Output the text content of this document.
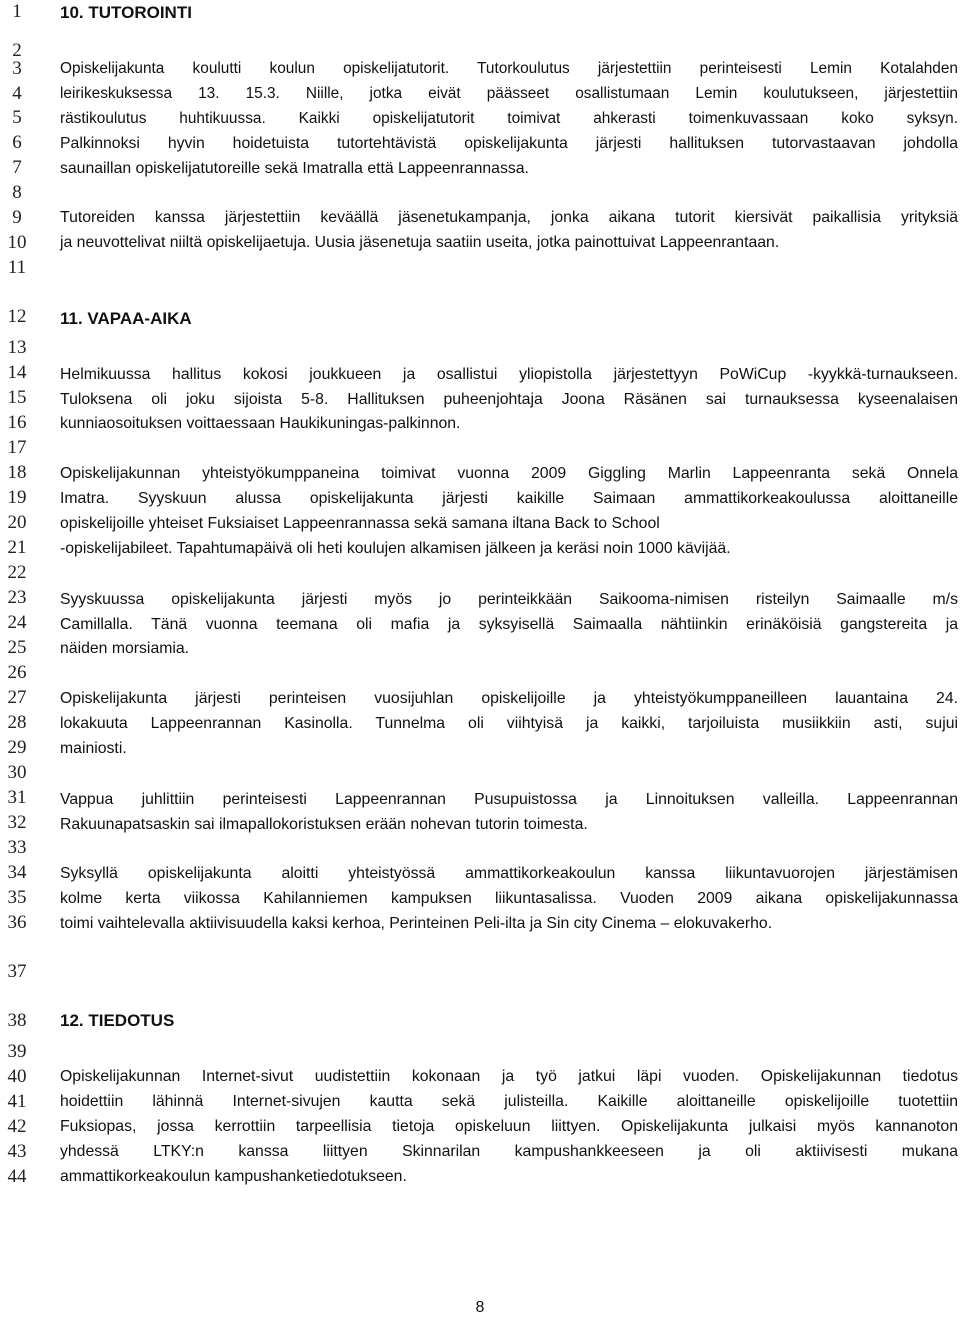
1
2
3
4
5
6
7
8
9
10
11
12
13
14
15
16
17
18
19
20
21
22
23
24
25
26
27
28
29
30
31
32
33
34
35
36
37
38
39
40
41
42
43
44
10. TUTOROINTI
Opiskelijakunta koulutti koulun opiskelijatutorit. Tutorkoulutus järjestettiin perinteisesti Lemin Kotalahden
leirikeskuksessa 13. 15.3. Niille, jotka eivät päässeet osallistumaan Lemin koulutukseen, järjestettiin
rästikoulutus huhtikuussa. Kaikki opiskelijatutorit toimivat ahkerasti toimenkuvassaan koko syksyn.
Palkinnoksi hyvin hoidetuista tutortehtävistä opiskelijakunta järjesti hallituksen tutorvastaavan johdolla
saunaillan opiskelijatutoreille sekä Imatralla että Lappeenrannassa.
Tutoreiden kanssa järjestettiin keväällä jäsenetukampanja, jonka aikana tutorit kiersivät paikallisia yrityksiä
ja neuvottelivat niiltä opiskelijaetuja. Uusia jäsenetuja saatiin useita, jotka painottuivat Lappeenrantaan.
11. VAPAA-AIKA
Helmikuussa hallitus kokosi joukkueen ja osallistui yliopistolla järjestettyyn PoWiCup -kyykkä-turnaukseen.
Tuloksena oli joku sijoista 5-8. Hallituksen puheenjohtaja Joona Räsänen sai turnauksessa kyseenalaisen
kunniaosoituksen voittaessaan Haukikuningas-palkinnon.
Opiskelijakunnan yhteistyökumppaneina toimivat vuonna 2009 Giggling Marlin Lappeenranta sekä Onnela
Imatra. Syyskuun alussa opiskelijakunta järjesti kaikille Saimaan ammattikorkeakoulussa aloittaneille
opiskelijoille yhteiset Fuksiaiset Lappeenrannassa sekä samana iltana Back to School
-opiskelijabileet. Tapahtumapäivä oli heti koulujen alkamisen jälkeen ja keräsi noin 1000 kävijää.
Syyskuussa opiskelijakunta järjesti myös jo perinteikkään Saikooma-nimisen risteilyn Saimaalle m/s
Camillalla. Tänä vuonna teemana oli mafia ja syksyisellä Saimaalla nähtiinkin erinäköisiä gangstereita ja
näiden morsiamia.
Opiskelijakunta järjesti perinteisen vuosijuhlan opiskelijoille ja yhteistyökumppaneilleen lauantaina 24.
lokakuuta Lappeenrannan Kasinolla. Tunnelma oli viihtyisä ja kaikki, tarjoiluista musiikkiin asti, sujui
mainiosti.
Vappua juhlittiin perinteisesti Lappeenrannan Pusupuistossa ja Linnoituksen valleilla. Lappeenrannan
Rakuunapatsaskin sai ilmapallokoristuksen erään nohevan tutorin toimesta.
Syksyllä opiskelijakunta aloitti yhteistyössä ammattikorkeakoulun kanssa liikuntavuorojen järjestämisen
kolme kerta viikossa Kahilanniemen kampuksen liikuntasalissa. Vuoden 2009 aikana opiskelijakunnassa
toimi vaihtelevalla aktiivisuudella kaksi kerhoa, Perinteinen Peli-ilta ja Sin city Cinema – elokuvakerho.
12. TIEDOTUS
Opiskelijakunnan Internet-sivut uudistettiin kokonaan ja työ jatkui läpi vuoden. Opiskelijakunnan tiedotus
hoidettiin lähinnä Internet-sivujen kautta sekä julisteilla. Kaikille aloittaneille opiskelijoille tuotettiin
Fuksiopas, jossa kerrottiin tarpeellisia tietoja opiskeluun liittyen. Opiskelijakunta julkaisi myös kannanoton
yhdessä LTKY:n kanssa liittyen Skinnarilan kampushankkeeseen ja oli aktiivisesti mukana
ammattikorkeakoulun kampushanketiedotukseen.
8
